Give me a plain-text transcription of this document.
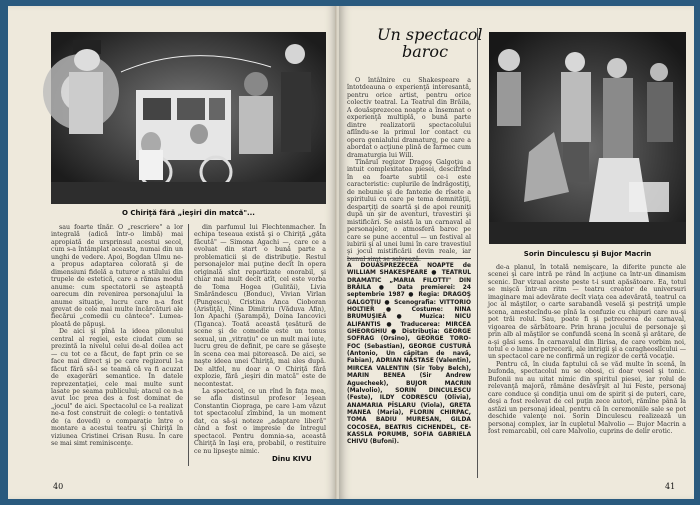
O Chiriţă fără „ieşiri din matcă"...

sau foarte tînăr. O „rescriere" a lor integrală (adică într-o limbă) mai apropiată de ursprinsul acestui secol, cum s-a întâmplat aceasta, numai din un unghi de vedere. Apoi, Bogdan Ulmu ne-a propus adaptarea colorată şi de dimensiuni fidelă a tuturor a stilului din trupele de estetică, care a rămas modul anume: cum spectatorii se aşteaptă oarecum din revenirea personajului la anume situaţie, lucru care n-a fost grevat de cele mai multe încărcături ale fiecărui „comedii cu cântece". Lumea-ploată de păpuşi.

De aici şi pînă la ideea pilonului central al regiei, este ciudat cum se prezintă la nivelul celui de-al doilea act — cu tot ce a făcut, de fapt prin ce se face mai direct şi pe care regizorul l-a făcut fără să-l se teamă că va fi acuzat de exagerări semantice. În datele reprezentaţiei, cele mai multe sunt lasate pe seama publicului; atacul ce n-a avut loc prea des a fost dominat de „jocul" de aici. Spectacolul ce l-a realizat ne-a fost construit de colegi: o tentativă de (a dovedi) o comparaţie între o montare a acestui teatru şi Chiriţă în viziunea Cristinei Crisan Rusu. În care se mai simt reminiscenţe.

din parfumul lui Flechtenmacher. În echipa teseaua există şi o Chiriţă „găta făcută" — Simona Agachi —, care ce a evoluat din start o bună parte a problematicii şi de distribuţie. Restul personajelor mai puţine decît în opera originală sînt repartizate onorabil, şi chiar mai mult decît atît, cel este vorba de Toma Hogea (Gulităi), Livia Smărăndescu (Bonduc), Vivian Virlan (Pungescu), Cristina Anca Cioboran (Aristiţă), Nina Dimitriu (Văduva Afin), Ion Apachi (Şarampă), Doina Iancovici (Tiganca). Toată această ţesătură de scene şi de comedie este un tonus sexual, un „vitraţiu" ce un mult mai iute, lucru greu de definit, pe care se găseşte în scena cea mai pitorească. De aici, se naşte ideea unei Chiriţă, mai ales după. De altfel, nu doar a O Chiriţă fără explozie, fără „ieşiri din matcă" este de necontestat.

La spectacol, ce un rînd în faţa mea, se afla distinsul profesor Ieşean Constantin Ciopraga, pe care l-am văzut tot spectacolul zîmbind, la un moment dat, ca să-şi noteze „adaptare liberă" când a fost o impresie de întregul spectacol. Pentru domnia-sa, această Chiriţă în Iaşi era, probabil, o restituire ce nu lipseşte nimic.

Dinu KIVU
40
Un spectacol
baroc

O întâlnire cu Shakespeare a întotdeauna o experienţă interesantă, pentru orice artist, pentru orice colectiv teatral. La Teatrul din Brăila, A douăsprezecea noapte a însemnat o experienţă multiplă, o bună parte dintre realizatorii spectacolului aflîndu-se la primul lor contact cu opera genialului dramaturg, pe care a abordat o acţiune plină de farmec cum dramaturgia lui Will.

Tînărul regizor Dragoş Galgoţiu a intuit complexitatea piesei, descifrînd în ea foarte subtil ce-i este caracteristic: cuplurile de îndrăgostiţi, de nebunie şi de fantezie de rîsete a spiritului cu care pe tema demnităţii, desparţiţi de soartă şi de apoi reuniţi după un şir de aventuri, travestiri şi mistificări. Se asistă la un carnaval al personajelor, o atmosferă baroc pe care se pune accentul — un festival al iubirii şi al unei lumi în care travestiul şi jocul mistificării devin reale, iar bunul simţ se salvează.

A DOUĂSPREZECEA NOAPTE de WILLIAM SHAKESPEARE ● TEATRUL DRAMATIC „MARIA FILOTTI" DIN BRĂILA ● Data premierei: 24 septembrie 1987 ● Regia: DRAGOŞ GALGOŢIU ● Scenografia: VITTORIO HOLTIER ● Costume: NINA BRUMUŞIEĂ ● Muzica: NICU ALIFANTIS ● Traducerea: MIRCEA GHEORGHIU ● Distribuţia: GEORGE SOFRAG (Orsino), GEORGE TORO-FOC (Sebastian), GEORGE CUSTURĂ (Antonio, Un căpitan de navă, Fabian), ADRIAN NĂSTASE (Valentin), MIRCEA VALENTIN (Sir Toby Belch), MARIN BENEA (Sir Andrew Aguecheek), BUJOR MACRIN (Malvolio), SORIN DINCULESCU (Feste), ILDY CODRESCU (Olivia), ANAMARIA PÎSLARU (Viola), GRETA MANEA (Maria), FLORIN CHIRPAC, TOMA BADIU MURESAN, GILDA COCOSEA, BEATRIS CICHENDEL, CE-KASSLA PORUMB, SOFIA GABRIELA CHIVU (Bufoni).
Sorin Dinculescu şi Bujor Macrin

de-a planul, în totală nemişcare, la diferite puncte ale scenei şi care intră pe rând în acţiune ca într-un dinamism scenic. Dar vizual aceste peste t-i sunt apăsătoare. Ea, totul se mişcă într-un ritm — teatru creator de universuri imaginare mai adevărate decît viaţa cea adevărată, teatrul ca joc al măştilor, o carte sarabandă veselă şi pestriţă umple scena, amestecîndu-se pînă la confuzie cu chipuri care nu-şi pot trăi rolul. Sau, poate fi şi petrecerea de carnaval, vigoarea de sărbătoare. Prin hrana jocului de personaje şi prin alb al măştilor se confundă scena în scenă şi arătare, de a-şi găsi sens. În carnavalul din Ilirisa, de care vorbim noi, totul e o lume a petrecerii, ale intrigii şi a caragheoslîcului — un spectacol care ne confirmă un regizor de certă vocaţie.

Pentru că, în ciuda faptului că se văd multe în scenă, în bufonda, spectacolul nu se obosi, ci doar vesel şi tonic. Bufonii nu au uitat nimic din spiritul piesei, iar rolul de relevanţă majoră, rămâne desăvîrşit al lui Feste, personaj care conduce şi condiţia unui om de spirit şi de puteri, care, deşi a fost reelevat de cel puţin zece autori, rămîne până la astăzi un personaj ideal, pentru că în ceremoniile sale se pot deschide valenţe noi. Sorin Dinculescu realizează un personaj complex, iar în cupletul Malvolio — Bujor Macrin a fost remarcabil, cel care Malvolio, cuprins de delir erotic.

41
